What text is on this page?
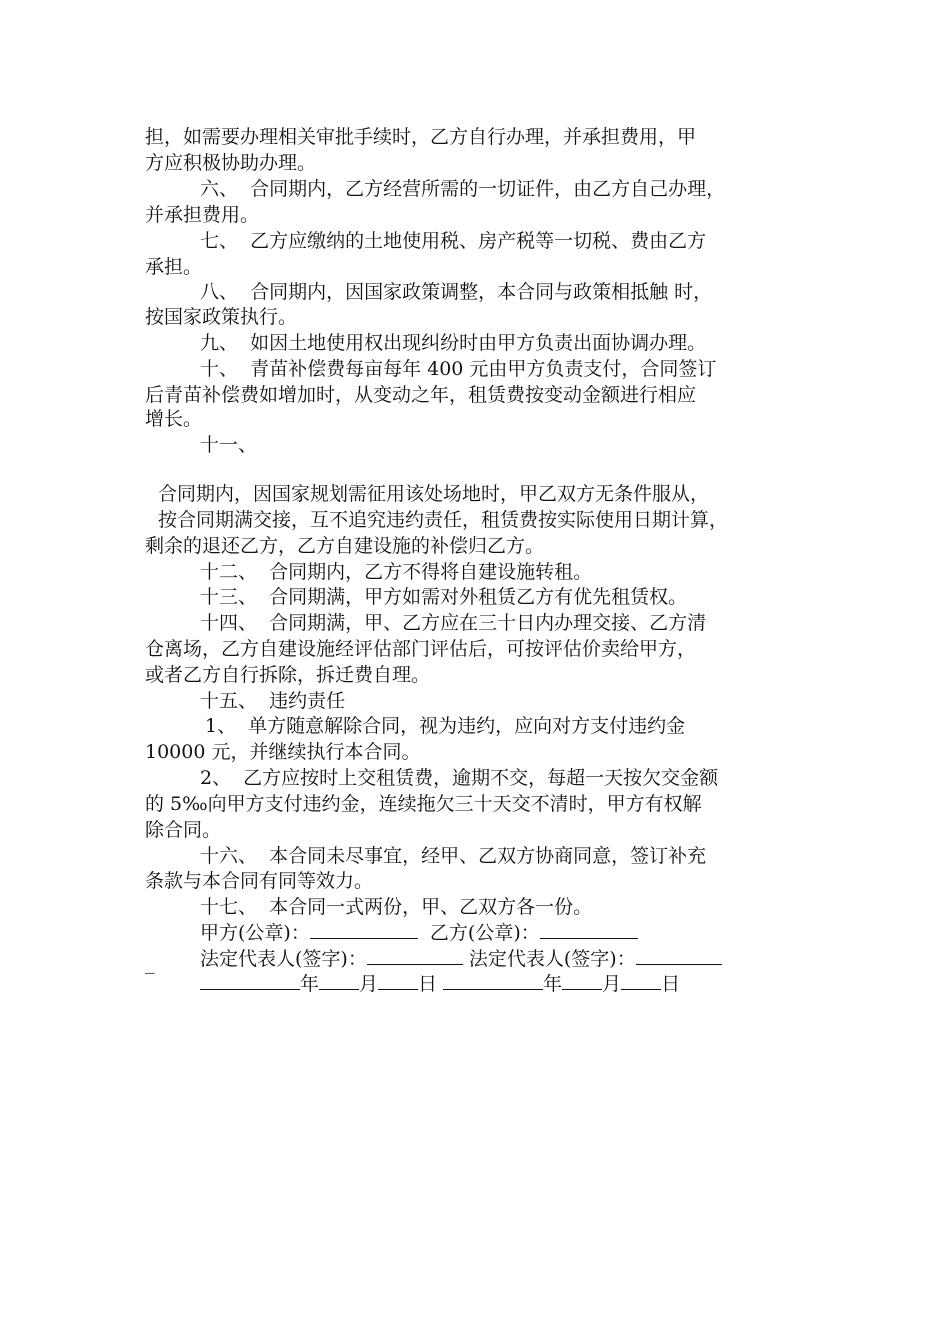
担，如需要办理相关审批手续时，乙方自行办理，并承担费用，甲
方应积极协助办理。
六、  合同期内，乙方经营所需的一切证件，由乙方自己办理，
并承担费用。
七、  乙方应缴纳的土地使用税、房产税等一切税、费由乙方
承担。
八、  合同期内，因国家政策调整，本合同与政策相抵触 时，
按国家政策执行。
九、  如因土地使用权出现纠纷时由甲方负责出面协调办理。
十、  青苗补偿费每亩每年 400 元由甲方负责支付，合同签订
后青苗补偿费如增加时，从变动之年，租赁费按变动金额进行相应
增长。
十一、
合同期内，因国家规划需征用该处场地时，甲乙双方无条件服从，
按合同期满交接，互不追究违约责任，租赁费按实际使用日期计算，
剩余的退还乙方，乙方自建设施的补偿归乙方。
十二、  合同期内，乙方不得将自建设施转租。
十三、  合同期满，甲方如需对外租赁乙方有优先租赁权。
十四、  合同期满，甲、乙方应在三十日内办理交接、乙方清
仓离场，乙方自建设施经评估部门评估后，可按评估价卖给甲方，
或者乙方自行拆除，拆迁费自理。
十五、  违约责任
1、  单方随意解除合同，视为违约，应向对方支付违约金
10000 元，并继续执行本合同。
2、  乙方应按时上交租赁费，逾期不交，每超一天按欠交金额
的 5‰向甲方支付违约金，连续拖欠三十天交不清时，甲方有权解
除合同。
十六、  本合同未尽事宜，经甲、乙双方协商同意，签订补充
条款与本合同有同等效力。
十七、  本合同一式两份，甲、乙双方各一份。
甲方(公章)：	乙方(公章)：
法定代表人(签字)：	法定代表人(签字)：
_
年 月 日	年 月 日
